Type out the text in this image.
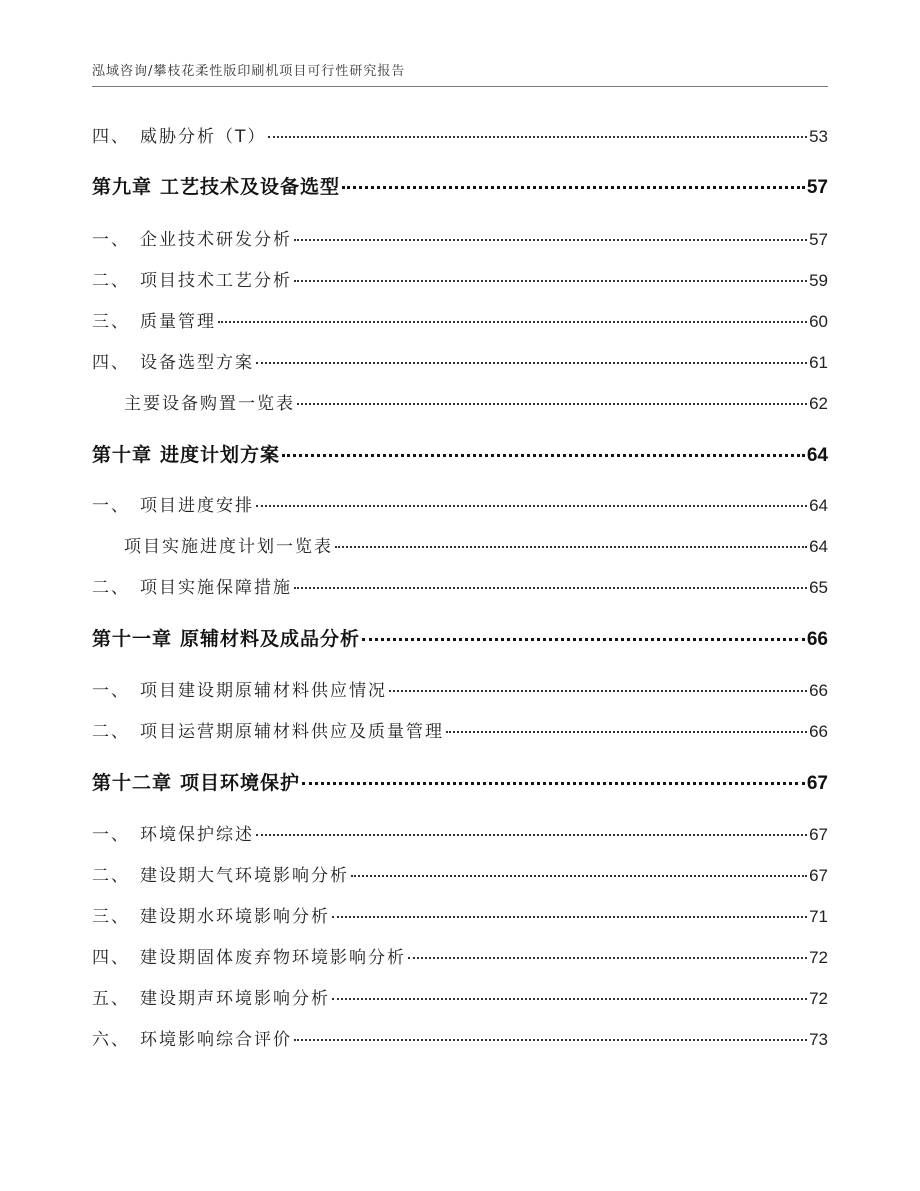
泓域咨询/攀枝花柔性版印刷机项目可行性研究报告
四、 威胁分析（T）	53
第九章 工艺技术及设备选型	57
一、 企业技术研发分析	57
二、 项目技术工艺分析	59
三、 质量管理	60
四、 设备选型方案	61
主要设备购置一览表	62
第十章 进度计划方案	64
一、 项目进度安排	64
项目实施进度计划一览表	64
二、 项目实施保障措施	65
第十一章 原辅材料及成品分析	66
一、 项目建设期原辅材料供应情况	66
二、 项目运营期原辅材料供应及质量管理	66
第十二章 项目环境保护	67
一、 环境保护综述	67
二、 建设期大气环境影响分析	67
三、 建设期水环境影响分析	71
四、 建设期固体废弃物环境影响分析	72
五、 建设期声环境影响分析	72
六、 环境影响综合评价	73
